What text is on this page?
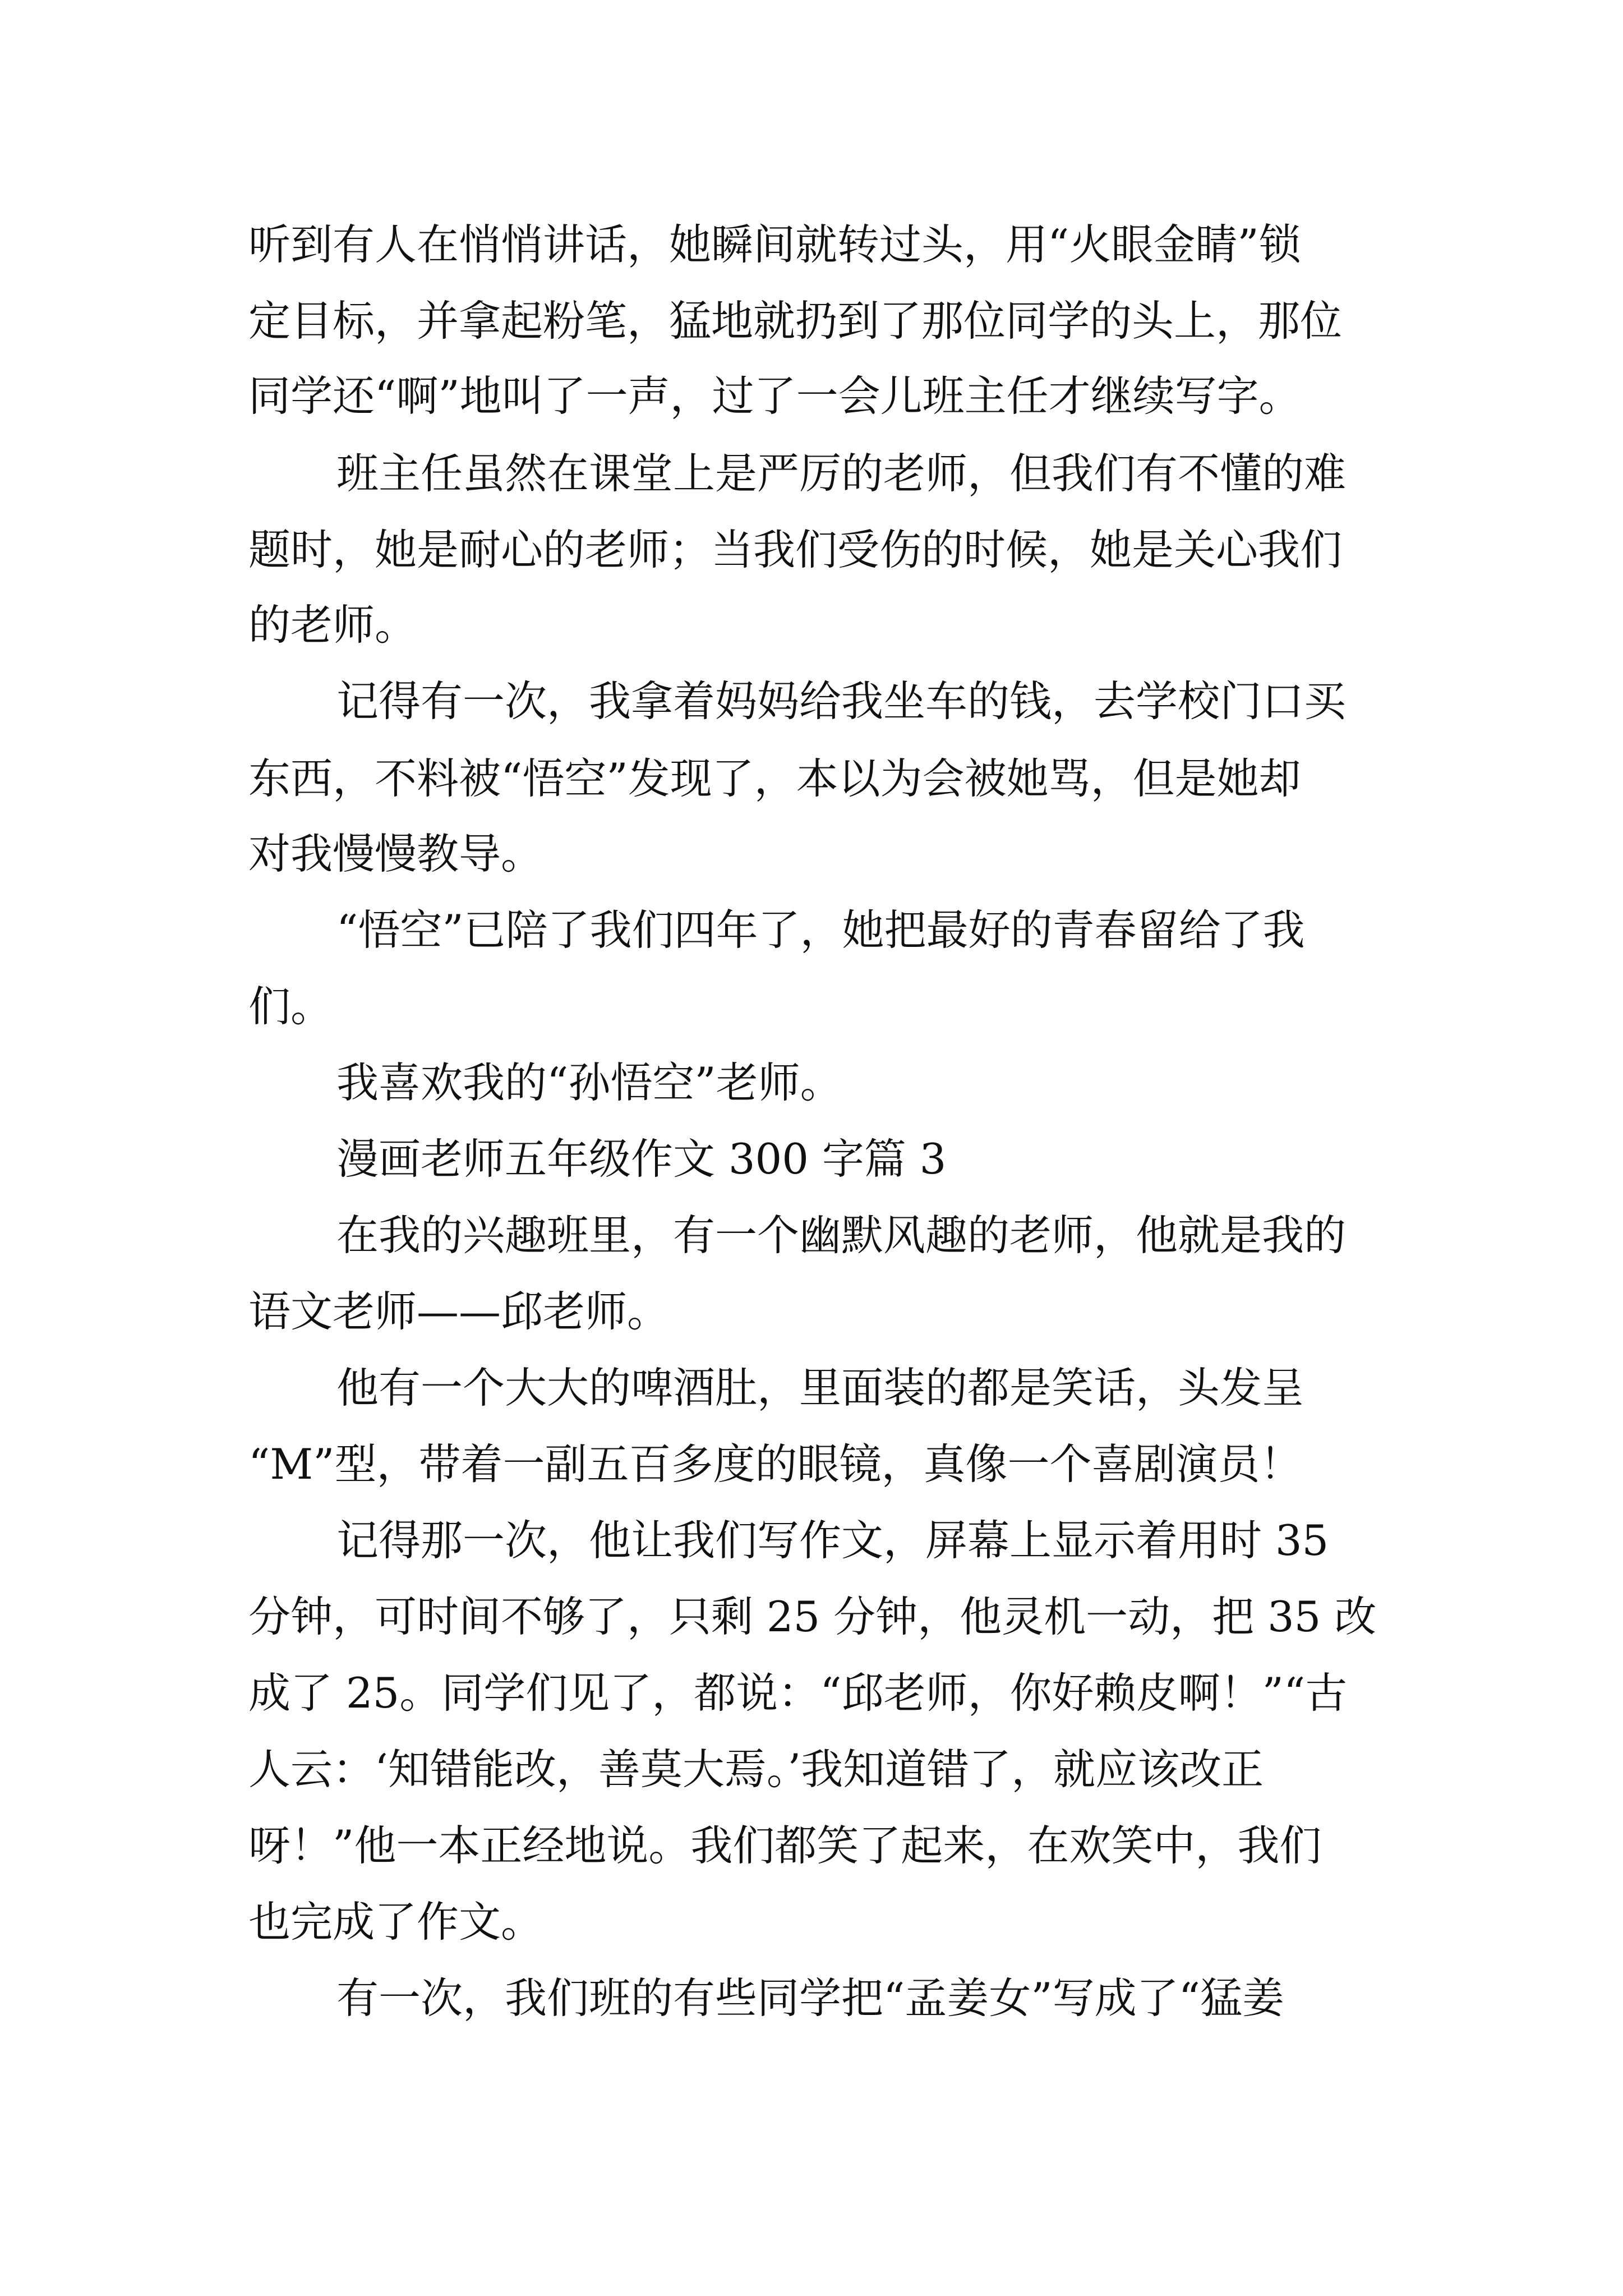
听到有人在悄悄讲话，她瞬间就转过头，用“火眼金睛”锁

定目标，并拿起粉笔，猛地就扔到了那位同学的头上，那位

同学还“啊”地叫了一声，过了一会儿班主任才继续写字。

班主任虽然在课堂上是严厉的老师，但我们有不懂的难

题时，她是耐心的老师；当我们受伤的时候，她是关心我们

的老师。

记得有一次，我拿着妈妈给我坐车的钱，去学校门口买

东西，不料被“悟空”发现了，本以为会被她骂，但是她却

对我慢慢教导。

“悟空”已陪了我们四年了，她把最好的青春留给了我

们。

我喜欢我的“孙悟空”老师。

漫画老师五年级作文 300 字篇 3

在我的兴趣班里，有一个幽默风趣的老师，他就是我的

语文老师——邱老师。

他有一个大大的啤酒肚，里面装的都是笑话，头发呈

“M”型，带着一副五百多度的眼镜，真像一个喜剧演员！

记得那一次，他让我们写作文，屏幕上显示着用时 35

分钟，可时间不够了，只剩 25 分钟，他灵机一动，把 35 改

成了 25。同学们见了，都说：“邱老师，你好赖皮啊！”“古

人云：‘知错能改，善莫大焉。’我知道错了，就应该改正

呀！”他一本正经地说。我们都笑了起来，在欢笑中，我们

也完成了作文。

有一次，我们班的有些同学把“孟姜女”写成了“猛姜
